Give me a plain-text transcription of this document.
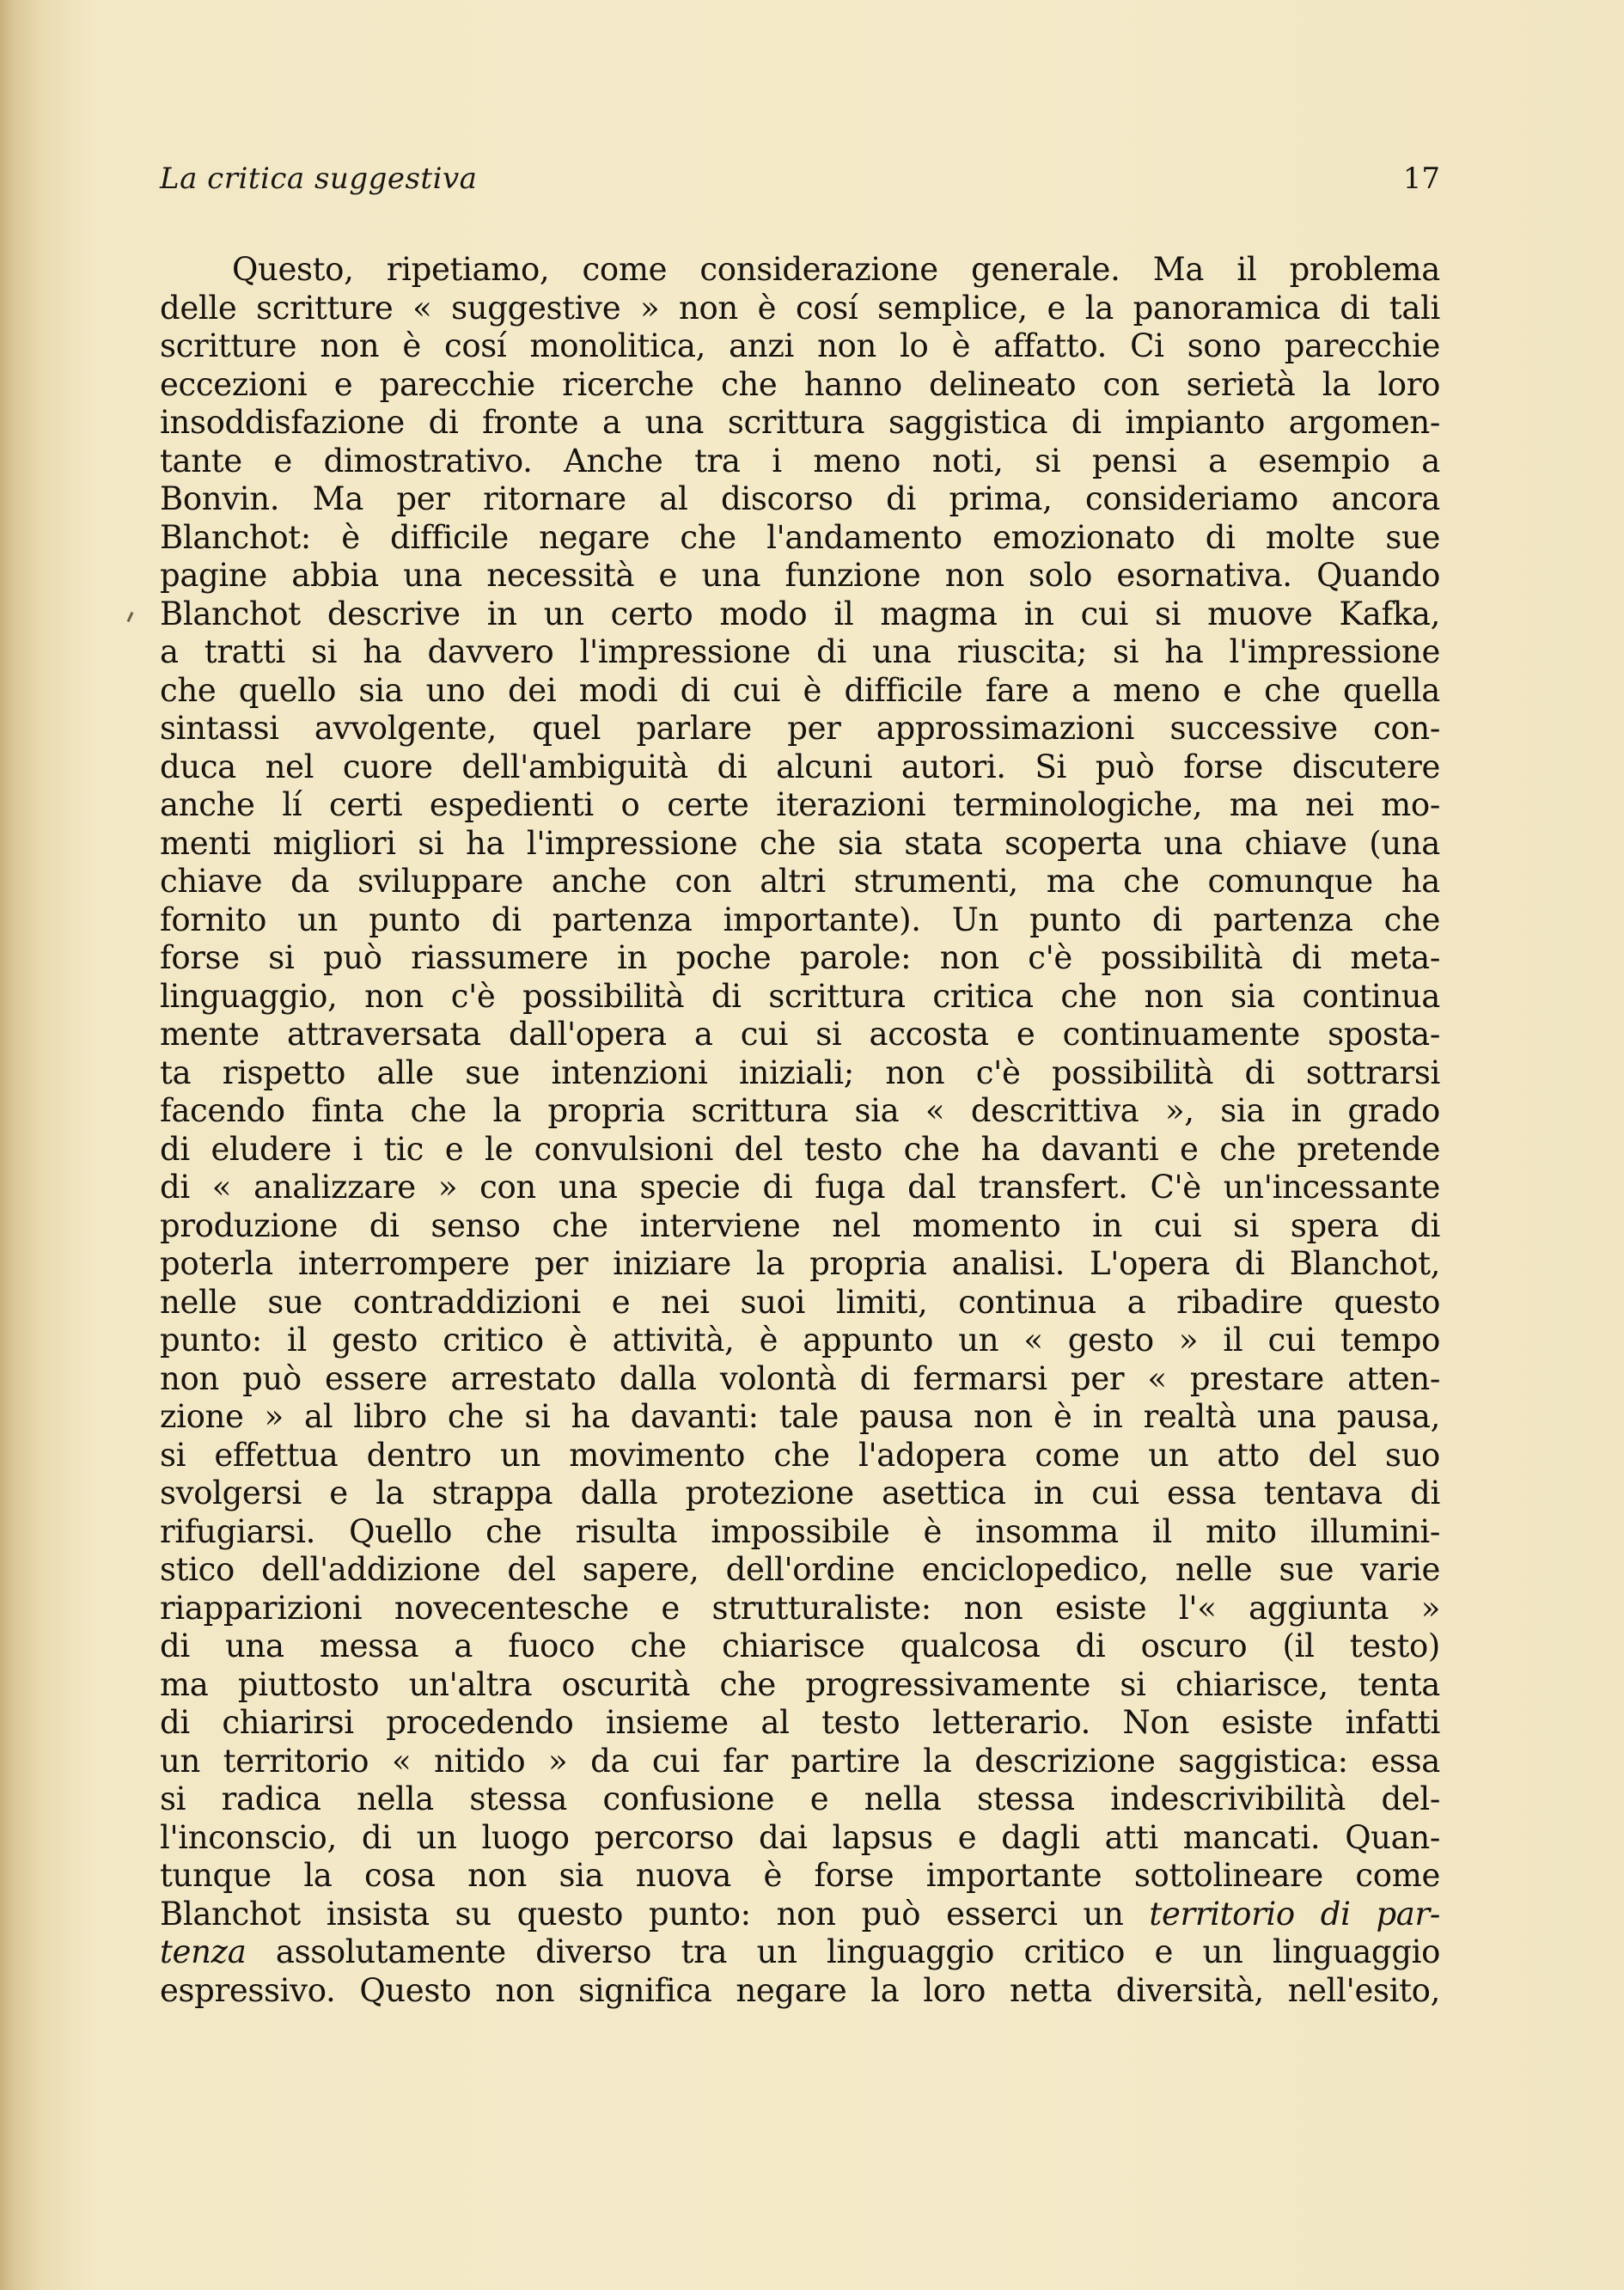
La critica suggestiva	17
Questo, ripetiamo, come considerazione generale. Ma il problema
delle scritture « suggestive » non è cosí semplice, e la panoramica di tali
scritture non è cosí monolitica, anzi non lo è affatto. Ci sono parecchie
eccezioni e parecchie ricerche che hanno delineato con serietà la loro
insoddisfazione di fronte a una scrittura saggistica di impianto argomen-
tante e dimostrativo. Anche tra i meno noti, si pensi a esempio a
Bonvin. Ma per ritornare al discorso di prima, consideriamo ancora
Blanchot: è difficile negare che l'andamento emozionato di molte sue
pagine abbia una necessità e una funzione non solo esornativa. Quando
Blanchot descrive in un certo modo il magma in cui si muove Kafka,
a tratti si ha davvero l'impressione di una riuscita; si ha l'impressione
che quello sia uno dei modi di cui è difficile fare a meno e che quella
sintassi avvolgente, quel parlare per approssimazioni successive con-
duca nel cuore dell'ambiguità di alcuni autori. Si può forse discutere
anche lí certi espedienti o certe iterazioni terminologiche, ma nei mo-
menti migliori si ha l'impressione che sia stata scoperta una chiave (una
chiave da sviluppare anche con altri strumenti, ma che comunque ha
fornito un punto di partenza importante). Un punto di partenza che
forse si può riassumere in poche parole: non c'è possibilità di meta-
linguaggio, non c'è possibilità di scrittura critica che non sia continua
mente attraversata dall'opera a cui si accosta e continuamente sposta-
ta rispetto alle sue intenzioni iniziali; non c'è possibilità di sottrarsi
facendo finta che la propria scrittura sia « descrittiva », sia in grado
di eludere i tic e le convulsioni del testo che ha davanti e che pretende
di « analizzare » con una specie di fuga dal transfert. C'è un'incessante
produzione di senso che interviene nel momento in cui si spera di
poterla interrompere per iniziare la propria analisi. L'opera di Blanchot,
nelle sue contraddizioni e nei suoi limiti, continua a ribadire questo
punto: il gesto critico è attività, è appunto un « gesto » il cui tempo
non può essere arrestato dalla volontà di fermarsi per « prestare atten-
zione » al libro che si ha davanti: tale pausa non è in realtà una pausa,
si effettua dentro un movimento che l'adopera come un atto del suo
svolgersi e la strappa dalla protezione asettica in cui essa tentava di
rifugiarsi. Quello che risulta impossibile è insomma il mito illumini-
stico dell'addizione del sapere, dell'ordine enciclopedico, nelle sue varie
riapparizioni novecentesche e strutturaliste: non esiste l'« aggiunta »
di una messa a fuoco che chiarisce qualcosa di oscuro (il testo)
ma piuttosto un'altra oscurità che progressivamente si chiarisce, tenta
di chiarirsi procedendo insieme al testo letterario. Non esiste infatti
un territorio « nitido » da cui far partire la descrizione saggistica: essa
si radica nella stessa confusione e nella stessa indescrivibilità del-
l'inconscio, di un luogo percorso dai lapsus e dagli atti mancati. Quan-
tunque la cosa non sia nuova è forse importante sottolineare come
Blanchot insista su questo punto: non può esserci un territorio di par-
tenza assolutamente diverso tra un linguaggio critico e un linguaggio
espressivo. Questo non significa negare la loro netta diversità, nell'esito,
